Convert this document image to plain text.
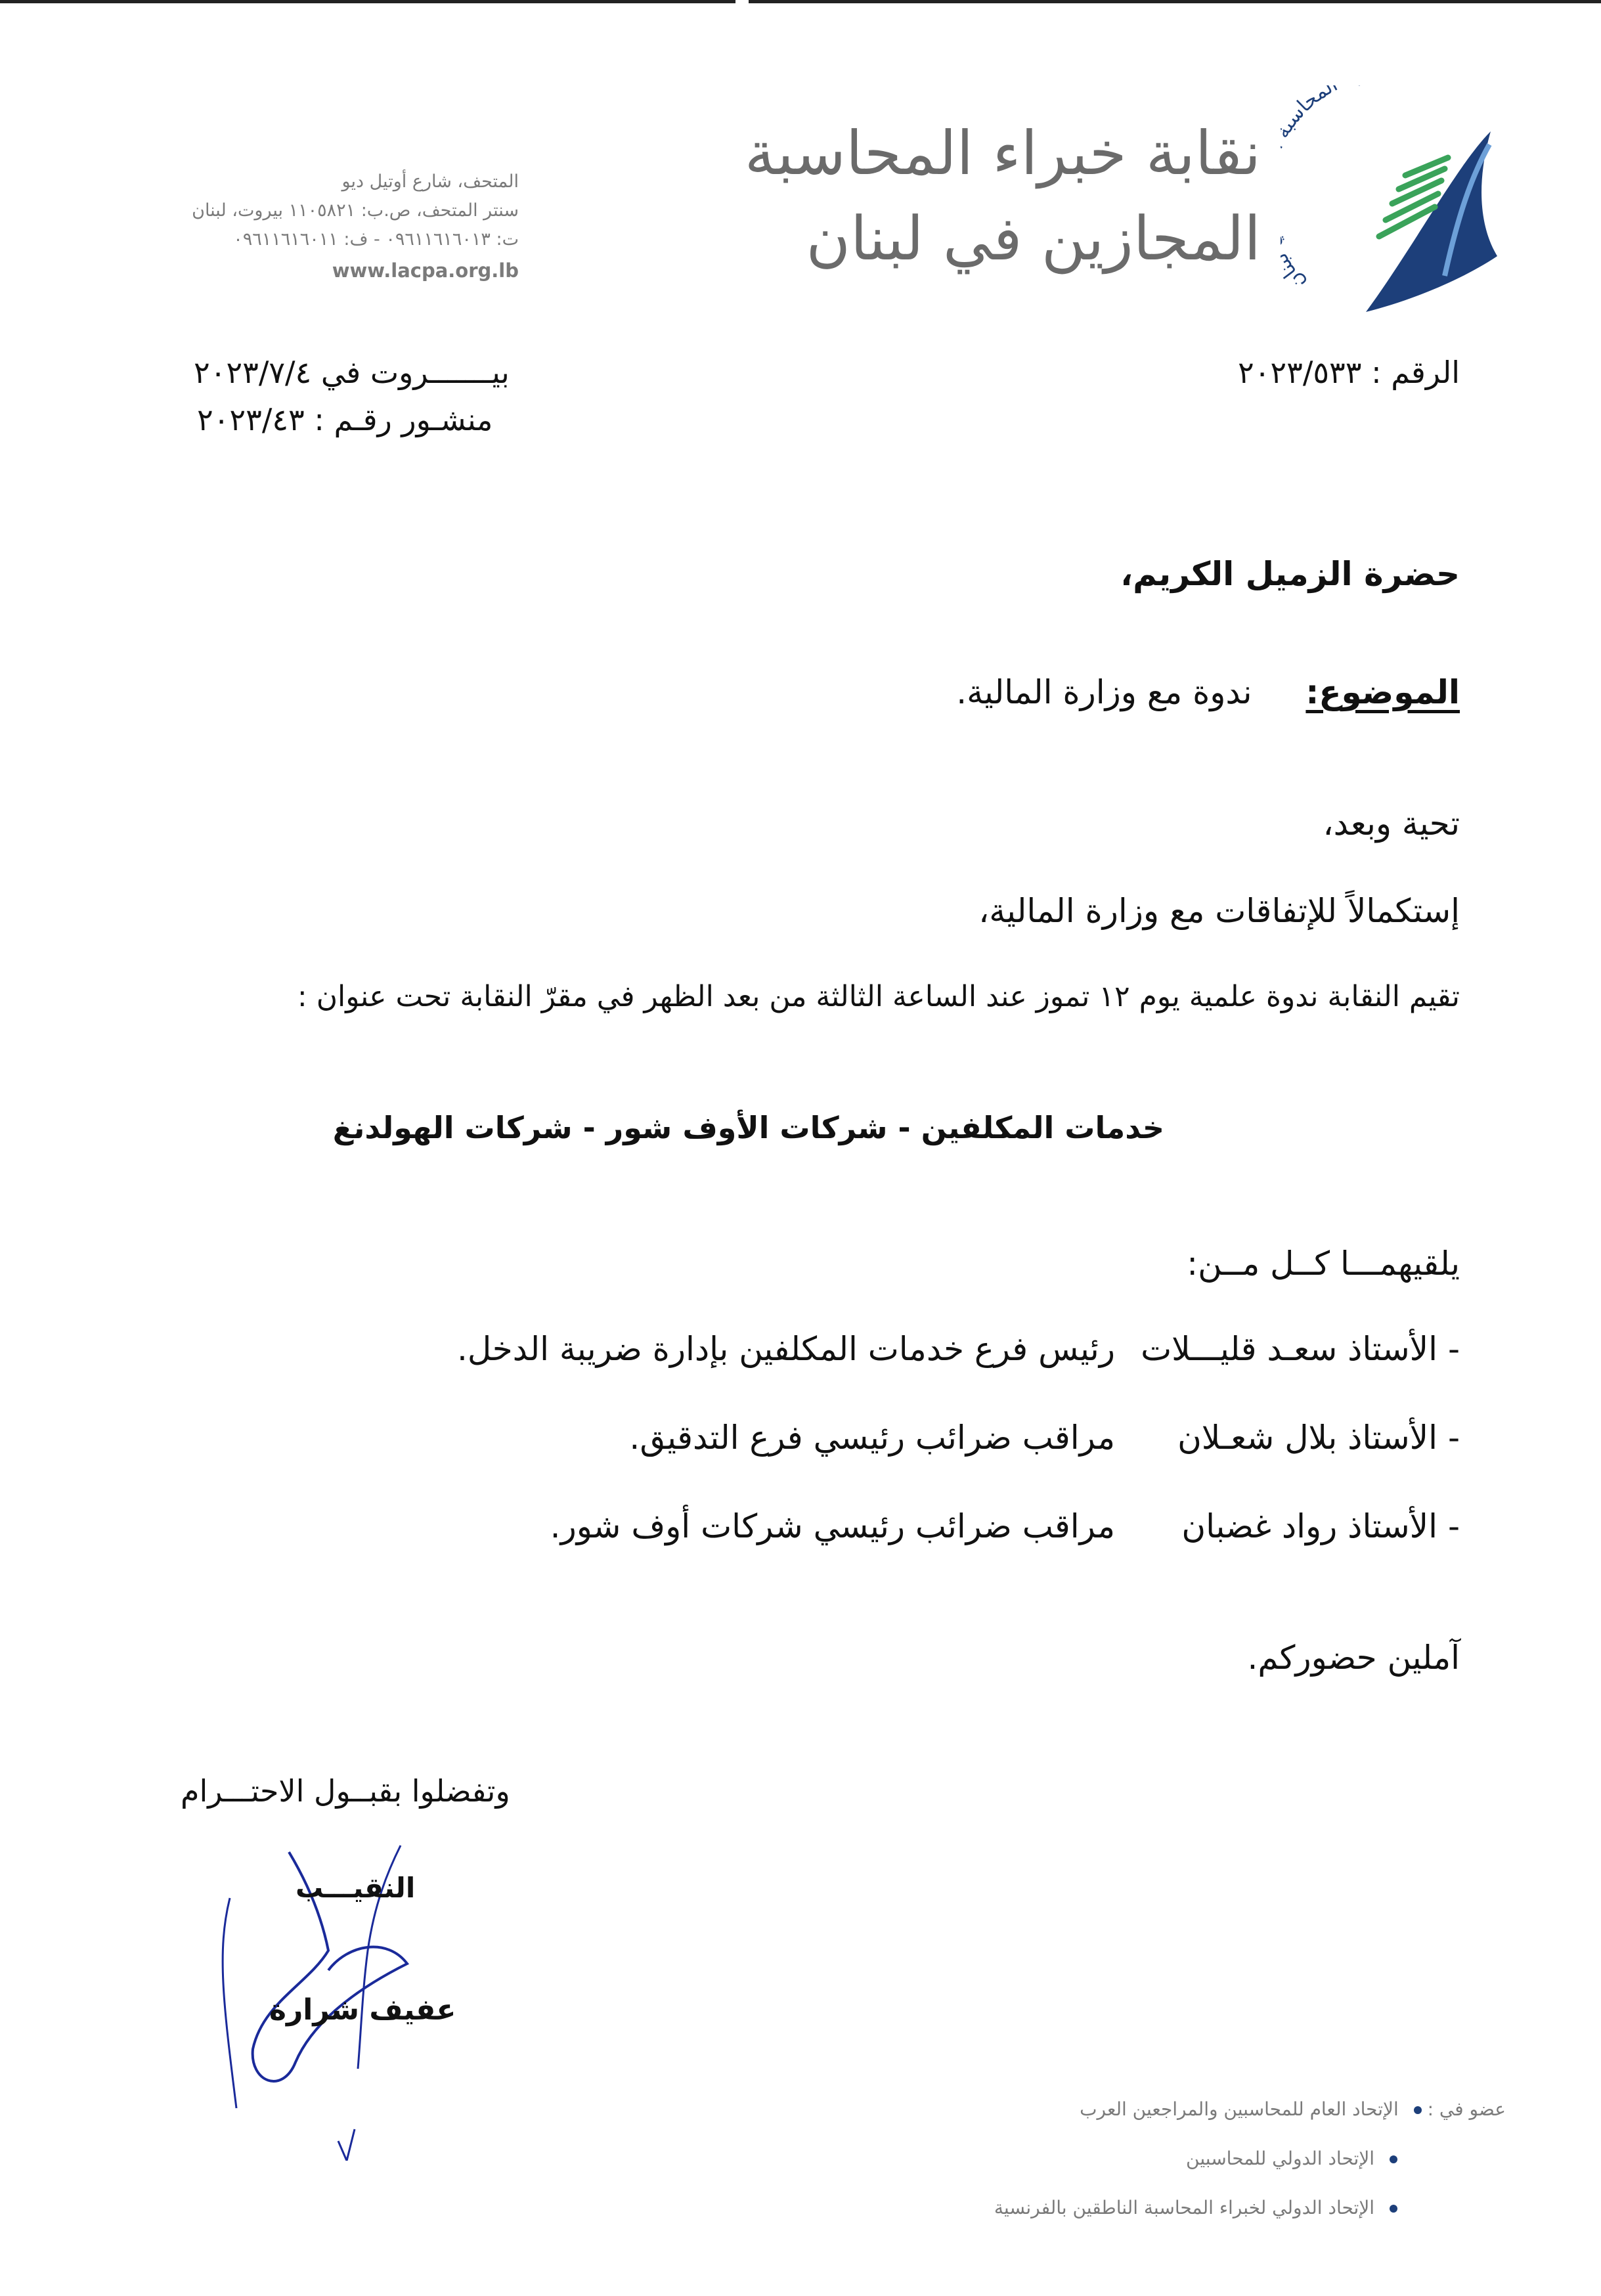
لمحاس ان
نقابة خبراء المحاسبة
المجازين في لبنان
المتحف، شارع أوتيل ديو
سنتر المتحف، ص.ب: ١١٠٥٨٢١ بيروت، لبنان
ت: ٠٩٦١١٦١٦٠١٣ - ف: ٠٩٦١١٦١٦٠١١
www.lacpa.org.lb
الرقم : ٢٠٢٣/٥٣٣
بيـــــــروت في ٢٠٢٣/٧/٤
منشـور رقـم : ٢٠٢٣/٤٣
حضرة الزميل الكريم،
الموضوع:  ندوة مع وزارة المالية.
تحية وبعد،
إستكمالاً للإتفاقات مع وزارة المالية،
تقيم النقابة ندوة علمية يوم ١٢ تموز عند الساعة الثالثة من بعد الظهر في مقرّ النقابة تحت عنوان :
خدمات المكلفين - شركات الأوف شور - شركات الهولدنغ
يلقيهمـــا كــل مــن:
- الأستاذ سعـد قليـــلات
رئيس فرع خدمات المكلفين بإدارة ضريبة الدخل.
- الأستاذ بلال شعـلان
مراقب ضرائب رئيسي فرع التدقيق.
- الأستاذ رواد غضبان
مراقب ضرائب رئيسي شركات أوف شور.
آملين حضوركم.
وتفضلوا بقبــول الاحتـــرام
النقيـــب
عفيف شرارة
عضو في :  الإتحاد العام للمحاسبين والمراجعين العرب
الإتحاد الدولي للمحاسبين
الإتحاد الدولي لخبراء المحاسبة الناطقين بالفرنسية
